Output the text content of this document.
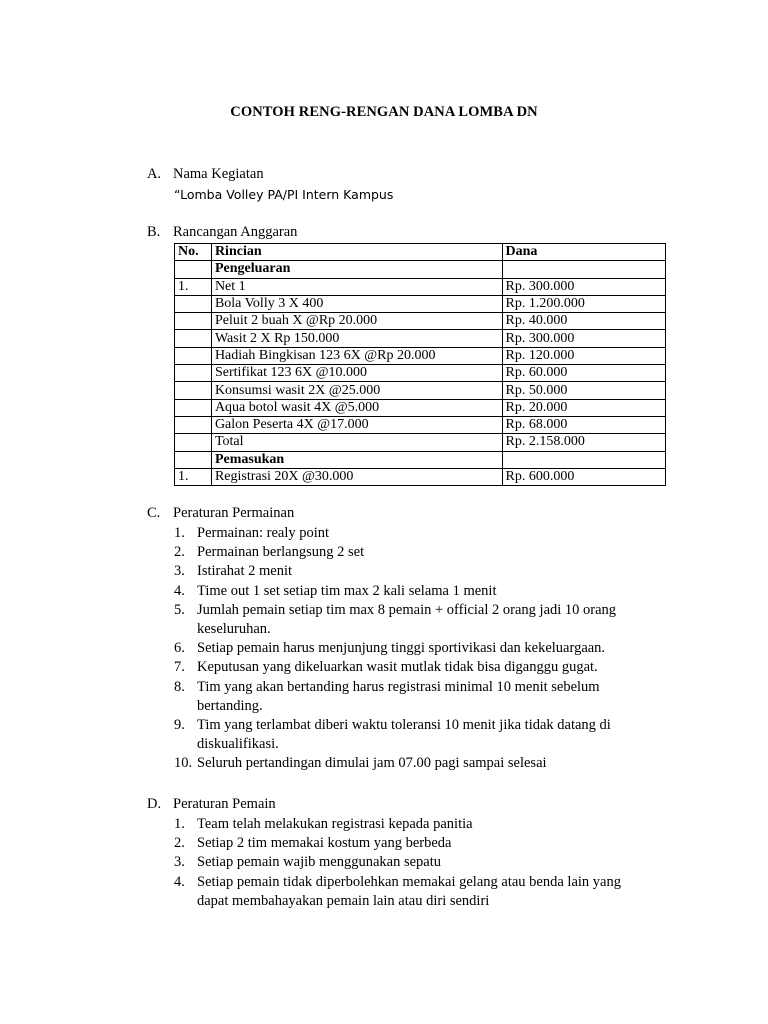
CONTOH RENG-RENGAN DANA LOMBA DN
A. Nama Kegiatan
“Lomba Volley PA/PI Intern Kampus
B. Rancangan Anggaran
No.	Rincian	Dana
	Pengeluaran	
1.	Net 1	Rp. 300.000
	Bola Volly 3 X 400	Rp. 1.200.000
	Peluit 2 buah X @Rp 20.000	Rp. 40.000
	Wasit 2 X Rp 150.000	Rp. 300.000
	Hadiah Bingkisan 123 6X @Rp 20.000	Rp. 120.000
	Sertifikat 123 6X @10.000	Rp. 60.000
	Konsumsi wasit 2X @25.000	Rp. 50.000
	Aqua botol wasit 4X @5.000	Rp. 20.000
	Galon Peserta 4X @17.000	Rp. 68.000
	Total	Rp. 2.158.000
	Pemasukan	
1.	Registrasi 20X @30.000	Rp. 600.000
C. Peraturan Permainan
1. Permainan: realy point
2. Permainan berlangsung 2 set
3. Istirahat 2 menit
4. Time out 1 set setiap tim max 2 kali selama 1 menit
5. Jumlah pemain setiap tim max 8 pemain + official 2 orang jadi 10 orang keseluruhan.
6. Setiap pemain harus menjunjung tinggi sportivikasi dan kekeluargaan.
7. Keputusan yang dikeluarkan wasit mutlak tidak bisa diganggu gugat.
8. Tim yang akan bertanding harus registrasi minimal 10 menit sebelum bertanding.
9. Tim yang terlambat diberi waktu toleransi 10 menit jika tidak datang di diskualifikasi.
10. Seluruh pertandingan dimulai jam 07.00 pagi sampai selesai
D. Peraturan Pemain
1. Team telah melakukan registrasi kepada panitia
2. Setiap 2 tim memakai kostum yang berbeda
3. Setiap pemain wajib menggunakan sepatu
4. Setiap pemain tidak diperbolehkan memakai gelang atau benda lain yang dapat membahayakan pemain lain atau diri sendiri
